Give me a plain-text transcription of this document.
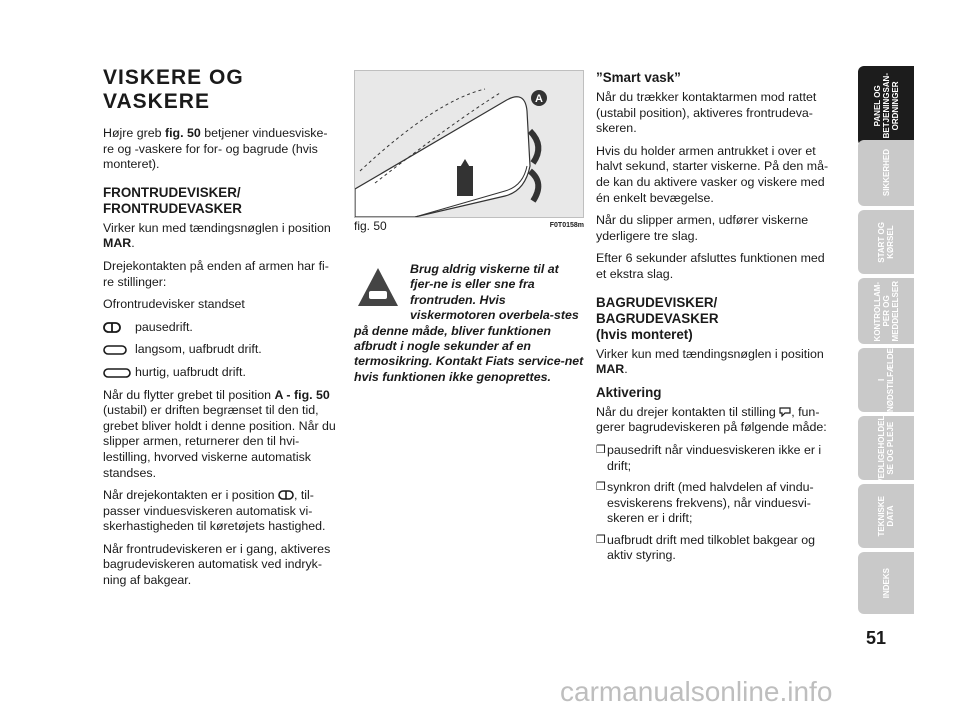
VISKERE OG VASKERE

Højre greb fig. 50 betjener vinduesviske-re og -vaskere for for- og bagrude (hvis monteret).

FRONTRUDEVISKER/
FRONTRUDEVASKER

Virker kun med tændingsnøglen i position MAR.

Drejekontakten på enden af armen har fi-re stillinger:

Ofrontrudevisker standset
pausedrift.
langsom, uafbrudt drift.
hurtig, uafbrudt drift.

Når du flytter grebet til position A - fig. 50 (ustabil) er driften begrænset til den tid, grebet bliver holdt i denne position. Når du slipper armen, returnerer den til hvi-lestilling, hvorved viskerne automatisk standses.

Når drejekontakten er i position , til-passer vinduesviskeren automatisk vi-skerhastigheden til køretøjets hastighed.

Når frontrudeviskeren er i gang, aktiveres bagrudeviskeren automatisk ved indryk-ning af bakgear.

A
fig. 50	F0T0158m
Brug aldrig viskerne til at fjer-ne is eller sne fra frontruden. Hvis viskermotoren overbela-stes på denne måde, bliver funktionen afbrudt i nogle sekunder af en termosikring. Kontakt Fiats service-net hvis funktionen ikke genoprettes.
”Smart vask”

Når du trækker kontaktarmen mod rattet (ustabil position), aktiveres frontrudeva-skeren.

Hvis du holder armen antrukket i over et halvt sekund, starter viskerne. På den må-de kan du aktivere vasker og viskere med én enkelt bevægelse.

Når du slipper armen, udfører viskerne yderligere tre slag.

Efter 6 sekunder afsluttes funktionen med et ekstra slag.

BAGRUDEVISKER/
BAGRUDEVASKER
(hvis monteret)

Virker kun med tændingsnøglen i position MAR.

Aktivering

Når du drejer kontakten til stilling , fun-gerer bagrudeviskeren på følgende måde:

❒ pausedrift når vinduesviskeren ikke er i drift;
❒ synkron drift (med halvdelen af vindu-esviskerens frekvens), når vinduesvi-skeren er i drift;
❒ uafbrudt drift med tilkoblet bakgear og aktiv styring.
PANEL OG
BETJENINGSAN-
ORDNINGER
SIKKERHED
START OG
KØRSEL
KONTROLLAM-
PER OG
MEDDELELSER
I
NØDSTILFÆLDE
VEDLIGEHOLDEL-
SE OG PLEJE
TEKNISKE
DATA
INDEKS
51
carmanualsonline.info
